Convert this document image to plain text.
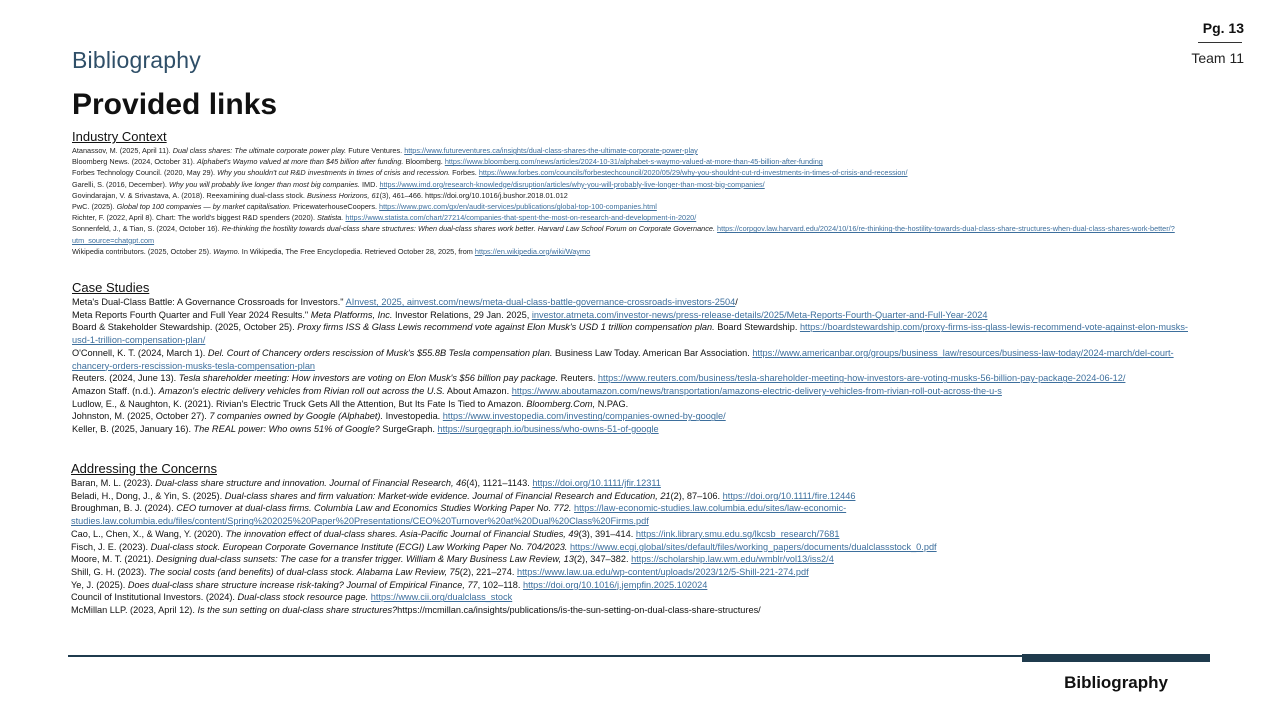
Pg. 13
Team 11
Bibliography
Provided links
Industry Context

Atanassov, M. (2025, April 11). Dual class shares: The ultimate corporate power play. Future Ventures. https://www.futureventures.ca/insights/dual-class-shares-the-ultimate-corporate-power-play

Bloomberg News. (2024, October 31). Alphabet's Waymo valued at more than $45 billion after funding. Bloomberg. https://www.bloomberg.com/news/articles/2024-10-31/alphabet-s-waymo-valued-at-more-than-45-billion-after-funding

Forbes Technology Council. (2020, May 29). Why you shouldn't cut R&D investments in times of crisis and recession. Forbes. https://www.forbes.com/councils/forbestechcouncil/2020/05/29/why-you-shouldnt-cut-rd-investments-in-times-of-crisis-and-recession/

Garelli, S. (2016, December). Why you will probably live longer than most big companies. IMD. https://www.imd.org/research-knowledge/disruption/articles/why-you-will-probably-live-longer-than-most-big-companies/

Govindarajan, V. & Srivastava, A. (2018). Reexamining dual-class stock. Business Horizons, 61(3), 461–466. https://doi.org/10.1016/j.bushor.2018.01.012

PwC. (2025). Global top 100 companies — by market capitalisation. PricewaterhouseCoopers. https://www.pwc.com/gx/en/audit-services/publications/global-top-100-companies.html

Richter, F. (2022, April 8). Chart: The world's biggest R&D spenders (2020). Statista. https://www.statista.com/chart/27214/companies-that-spent-the-most-on-research-and-development-in-2020/

Sonnenfeld, J., & Tian, S. (2024, October 16). Re-thinking the hostility towards dual-class share structures: When dual-class shares work better. Harvard Law School Forum on Corporate Governance. https://corpgov.law.harvard.edu/2024/10/16/re-thinking-the-hostility-towards-dual-class-share-structures-when-dual-class-shares-work-better/?utm_source=chatgpt.com

Wikipedia contributors. (2025, October 25). Waymo. In Wikipedia, The Free Encyclopedia. Retrieved October 28, 2025, from https://en.wikipedia.org/wiki/Waymo

Case Studies

Meta's Dual-Class Battle: A Governance Crossroads for Investors." AInvest, 2025, ainvest.com/news/meta-dual-class-battle-governance-crossroads-investors-2504/

Meta Reports Fourth Quarter and Full Year 2024 Results." Meta Platforms, Inc. Investor Relations, 29 Jan. 2025, investor.atmeta.com/investor-news/press-release-details/2025/Meta-Reports-Fourth-Quarter-and-Full-Year-2024

Board & Stakeholder Stewardship. (2025, October 25). Proxy firms ISS & Glass Lewis recommend vote against Elon Musk's USD 1 trillion compensation plan. Board Stewardship. https://boardstewardship.com/proxy-firms-iss-glass-lewis-recommend-vote-against-elon-musks-usd-1-trillion-compensation-plan/

O'Connell, K. T. (2024, March 1). Del. Court of Chancery orders rescission of Musk's $55.8B Tesla compensation plan. Business Law Today. American Bar Association. https://www.americanbar.org/groups/business_law/resources/business-law-today/2024-march/del-court-chancery-orders-rescission-musks-tesla-compensation-plan

Reuters. (2024, June 13). Tesla shareholder meeting: How investors are voting on Elon Musk's $56 billion pay package. Reuters. https://www.reuters.com/business/tesla-shareholder-meeting-how-investors-are-voting-musks-56-billion-pay-package-2024-06-12/

Amazon Staff. (n.d.). Amazon's electric delivery vehicles from Rivian roll out across the U.S. About Amazon. https://www.aboutamazon.com/news/transportation/amazons-electric-delivery-vehicles-from-rivian-roll-out-across-the-u-s

Ludlow, E., & Naughton, K. (2021). Rivian's Electric Truck Gets All the Attention, But Its Fate Is Tied to Amazon. Bloomberg.Com, N.PAG.

Johnston, M. (2025, October 27). 7 companies owned by Google (Alphabet). Investopedia. https://www.investopedia.com/investing/companies-owned-by-google/

Keller, B. (2025, January 16). The REAL power: Who owns 51% of Google? SurgeGraph. https://surgegraph.io/business/who-owns-51-of-google

Addressing the Concerns

Baran, M. L. (2023). Dual-class share structure and innovation. Journal of Financial Research, 46(4), 1121–1143. https://doi.org/10.1111/jfir.12311

Beladi, H., Dong, J., & Yin, S. (2025). Dual-class shares and firm valuation: Market-wide evidence. Journal of Financial Research and Education, 21(2), 87–106. https://doi.org/10.1111/fire.12446

Broughman, B. J. (2024). CEO turnover at dual-class firms. Columbia Law and Economics Studies Working Paper No. 772. https://law-economic-studies.law.columbia.edu/sites/law-economic-studies.law.columbia.edu/files/content/Spring%202025%20Paper%20Presentations/CEO%20Turnover%20at%20Dual%20Class%20Firms.pdf

Cao, L., Chen, X., & Wang, Y. (2020). The innovation effect of dual-class shares. Asia-Pacific Journal of Financial Studies, 49(3), 391–414. https://ink.library.smu.edu.sg/lkcsb_research/7681

Fisch, J. E. (2023). Dual-class stock. European Corporate Governance Institute (ECGI) Law Working Paper No. 704/2023. https://www.ecgi.global/sites/default/files/working_papers/documents/dualclassstock_0.pdf

Moore, M. T. (2021). Designing dual-class sunsets: The case for a transfer trigger. William & Mary Business Law Review, 13(2), 347–382. https://scholarship.law.wm.edu/wmblr/vol13/iss2/4

Shill, G. H. (2023). The social costs (and benefits) of dual-class stock. Alabama Law Review, 75(2), 221–274. https://www.law.ua.edu/wp-content/uploads/2023/12/5-Shill-221-274.pdf

Ye, J. (2025). Does dual-class share structure increase risk-taking? Journal of Empirical Finance, 77, 102–118. https://doi.org/10.1016/j.jempfin.2025.102024

Council of Institutional Investors. (2024). Dual-class stock resource page. https://www.cii.org/dualclass_stock

McMillan LLP. (2023, April 12). Is the sun setting on dual-class share structures?https://mcmillan.ca/insights/publications/is-the-sun-setting-on-dual-class-share-structures/

Bibliography
